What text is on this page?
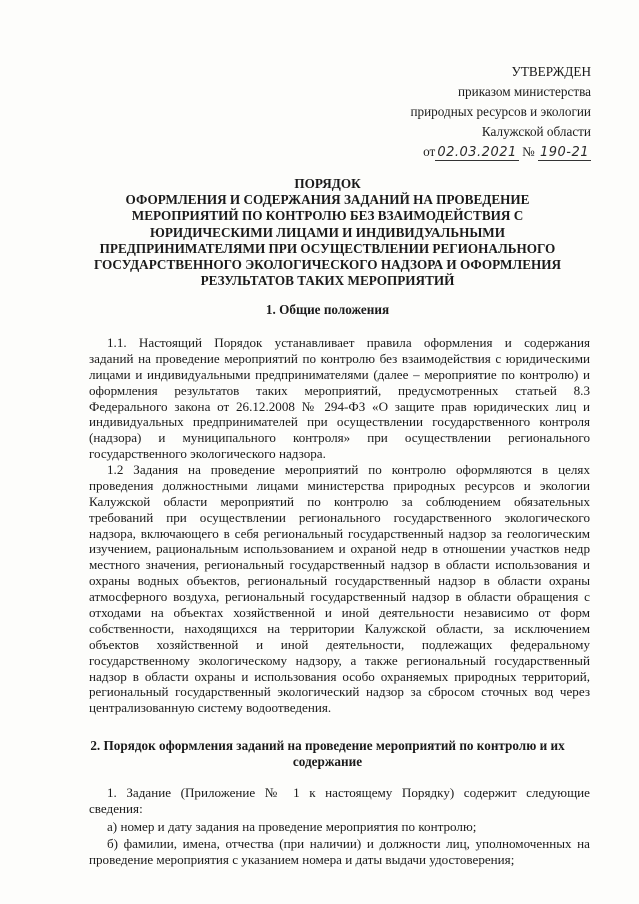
УТВЕРЖДЕН
приказом министерства
природных ресурсов и экологии
Калужской области
от 02.03.2021 № 190-21
ПОРЯДОК
ОФОРМЛЕНИЯ И СОДЕРЖАНИЯ ЗАДАНИЙ НА ПРОВЕДЕНИЕ
МЕРОПРИЯТИЙ ПО КОНТРОЛЮ БЕЗ ВЗАИМОДЕЙСТВИЯ С
ЮРИДИЧЕСКИМИ ЛИЦАМИ И ИНДИВИДУАЛЬНЫМИ
ПРЕДПРИНИМАТЕЛЯМИ ПРИ ОСУЩЕСТВЛЕНИИ РЕГИОНАЛЬНОГО
ГОСУДАРСТВЕННОГО ЭКОЛОГИЧЕСКОГО НАДЗОРА И ОФОРМЛЕНИЯ
РЕЗУЛЬТАТОВ ТАКИХ МЕРОПРИЯТИЙ
1. Общие положения
1.1. Настоящий Порядок устанавливает правила оформления и содержания
заданий на проведение мероприятий по контролю без взаимодействия с юридическими
лицами и индивидуальными предпринимателями (далее – мероприятие по контролю) и
оформления результатов таких мероприятий, предусмотренных статьей 8.3
Федерального закона от 26.12.2008 № 294-ФЗ «О защите прав юридических лиц и
индивидуальных предпринимателей при осуществлении государственного контроля
(надзора) и муниципального контроля» при осуществлении регионального
государственного экологического надзора.
1.2 Задания на проведение мероприятий по контролю оформляются в целях
проведения должностными лицами министерства природных ресурсов и экологии
Калужской области мероприятий по контролю за соблюдением обязательных
требований при осуществлении регионального государственного экологического
надзора, включающего в себя региональный государственный надзор за геологическим
изучением, рациональным использованием и охраной недр в отношении участков недр
местного значения, региональный государственный надзор в области использования и
охраны водных объектов, региональный государственный надзор в области охраны
атмосферного воздуха, региональный государственный надзор в области обращения с
отходами на объектах хозяйственной и иной деятельности независимо от форм
собственности, находящихся на территории Калужской области, за исключением
объектов хозяйственной и иной деятельности, подлежащих федеральному
государственному экологическому надзору, а также региональный государственный
надзор в области охраны и использования особо охраняемых природных территорий,
региональный государственный экологический надзор за сбросом сточных вод через
централизованную систему водоотведения.
2. Порядок оформления заданий на проведение мероприятий по контролю и их
содержание
1. Задание (Приложение № 1 к настоящему Порядку) содержит следующие
сведения:
а) номер и дату задания на проведение мероприятия по контролю;
б) фамилии, имена, отчества (при наличии) и должности лиц, уполномоченных на
проведение мероприятия с указанием номера и даты выдачи удостоверения;
